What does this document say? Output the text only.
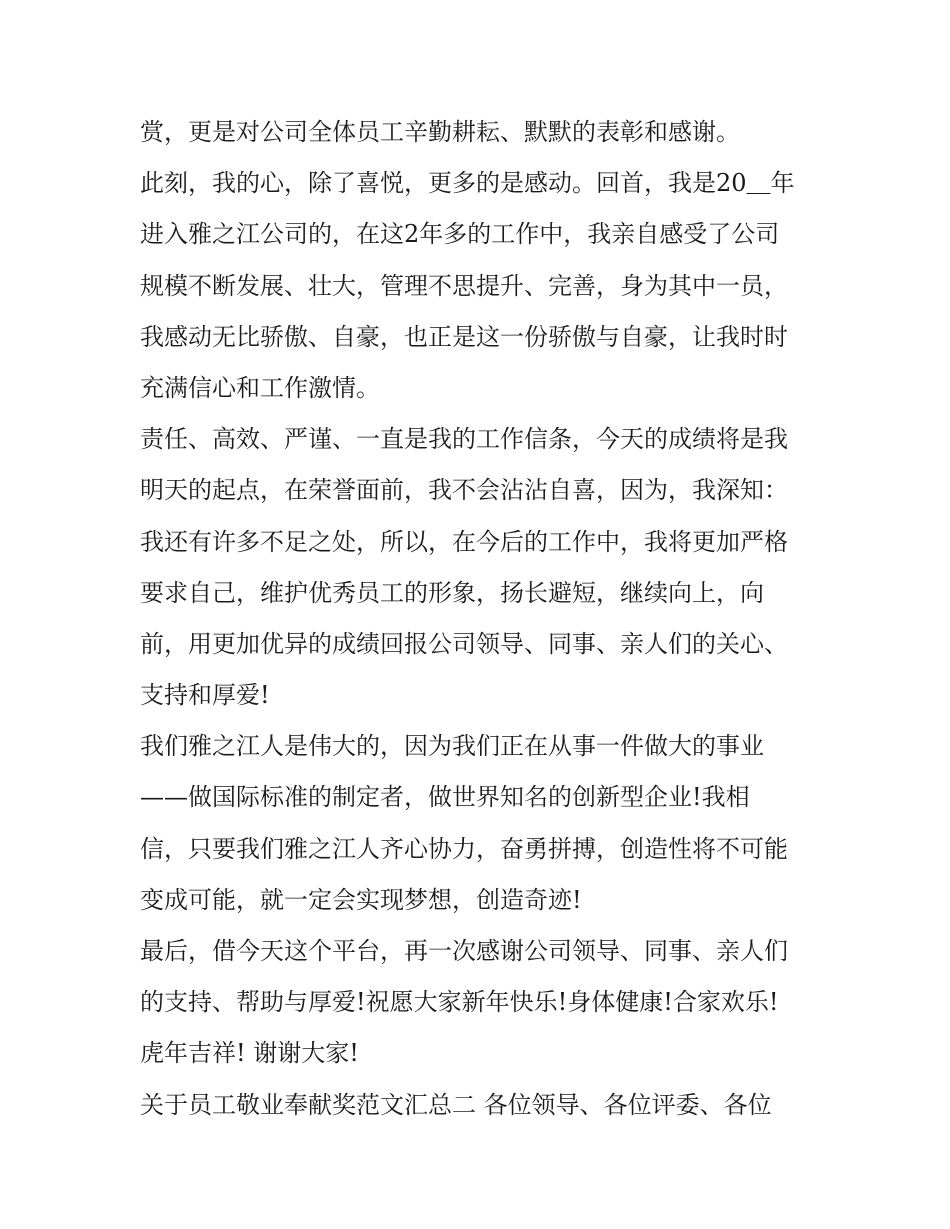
赏，更是对公司全体员工辛勤耕耘、默默的表彰和感谢。
此刻，我的心，除了喜悦，更多的是感动。回首，我是20＿年
进入雅之江公司的，在这2年多的工作中，我亲自感受了公司
规模不断发展、壮大，管理不思提升、完善，身为其中一员，
我感动无比骄傲、自豪，也正是这一份骄傲与自豪，让我时时
充满信心和工作激情。
责任、高效、严谨、一直是我的工作信条，今天的成绩将是我
明天的起点，在荣誉面前，我不会沾沾自喜，因为，我深知：
我还有许多不足之处，所以，在今后的工作中，我将更加严格
要求自己，维护优秀员工的形象，扬长避短，继续向上，向
前，用更加优异的成绩回报公司领导、同事、亲人们的关心、
支持和厚爱!
我们雅之江人是伟大的，因为我们正在从事一件做大的事业
——做国际标准的制定者，做世界知名的创新型企业!我相
信，只要我们雅之江人齐心协力，奋勇拼搏，创造性将不可能
变成可能，就一定会实现梦想，创造奇迹!
最后，借今天这个平台，再一次感谢公司领导、同事、亲人们
的支持、帮助与厚爱!祝愿大家新年快乐!身体健康!合家欢乐!
虎年吉祥! 谢谢大家!
关于员工敬业奉献奖范文汇总二 各位领导、各位评委、各位
